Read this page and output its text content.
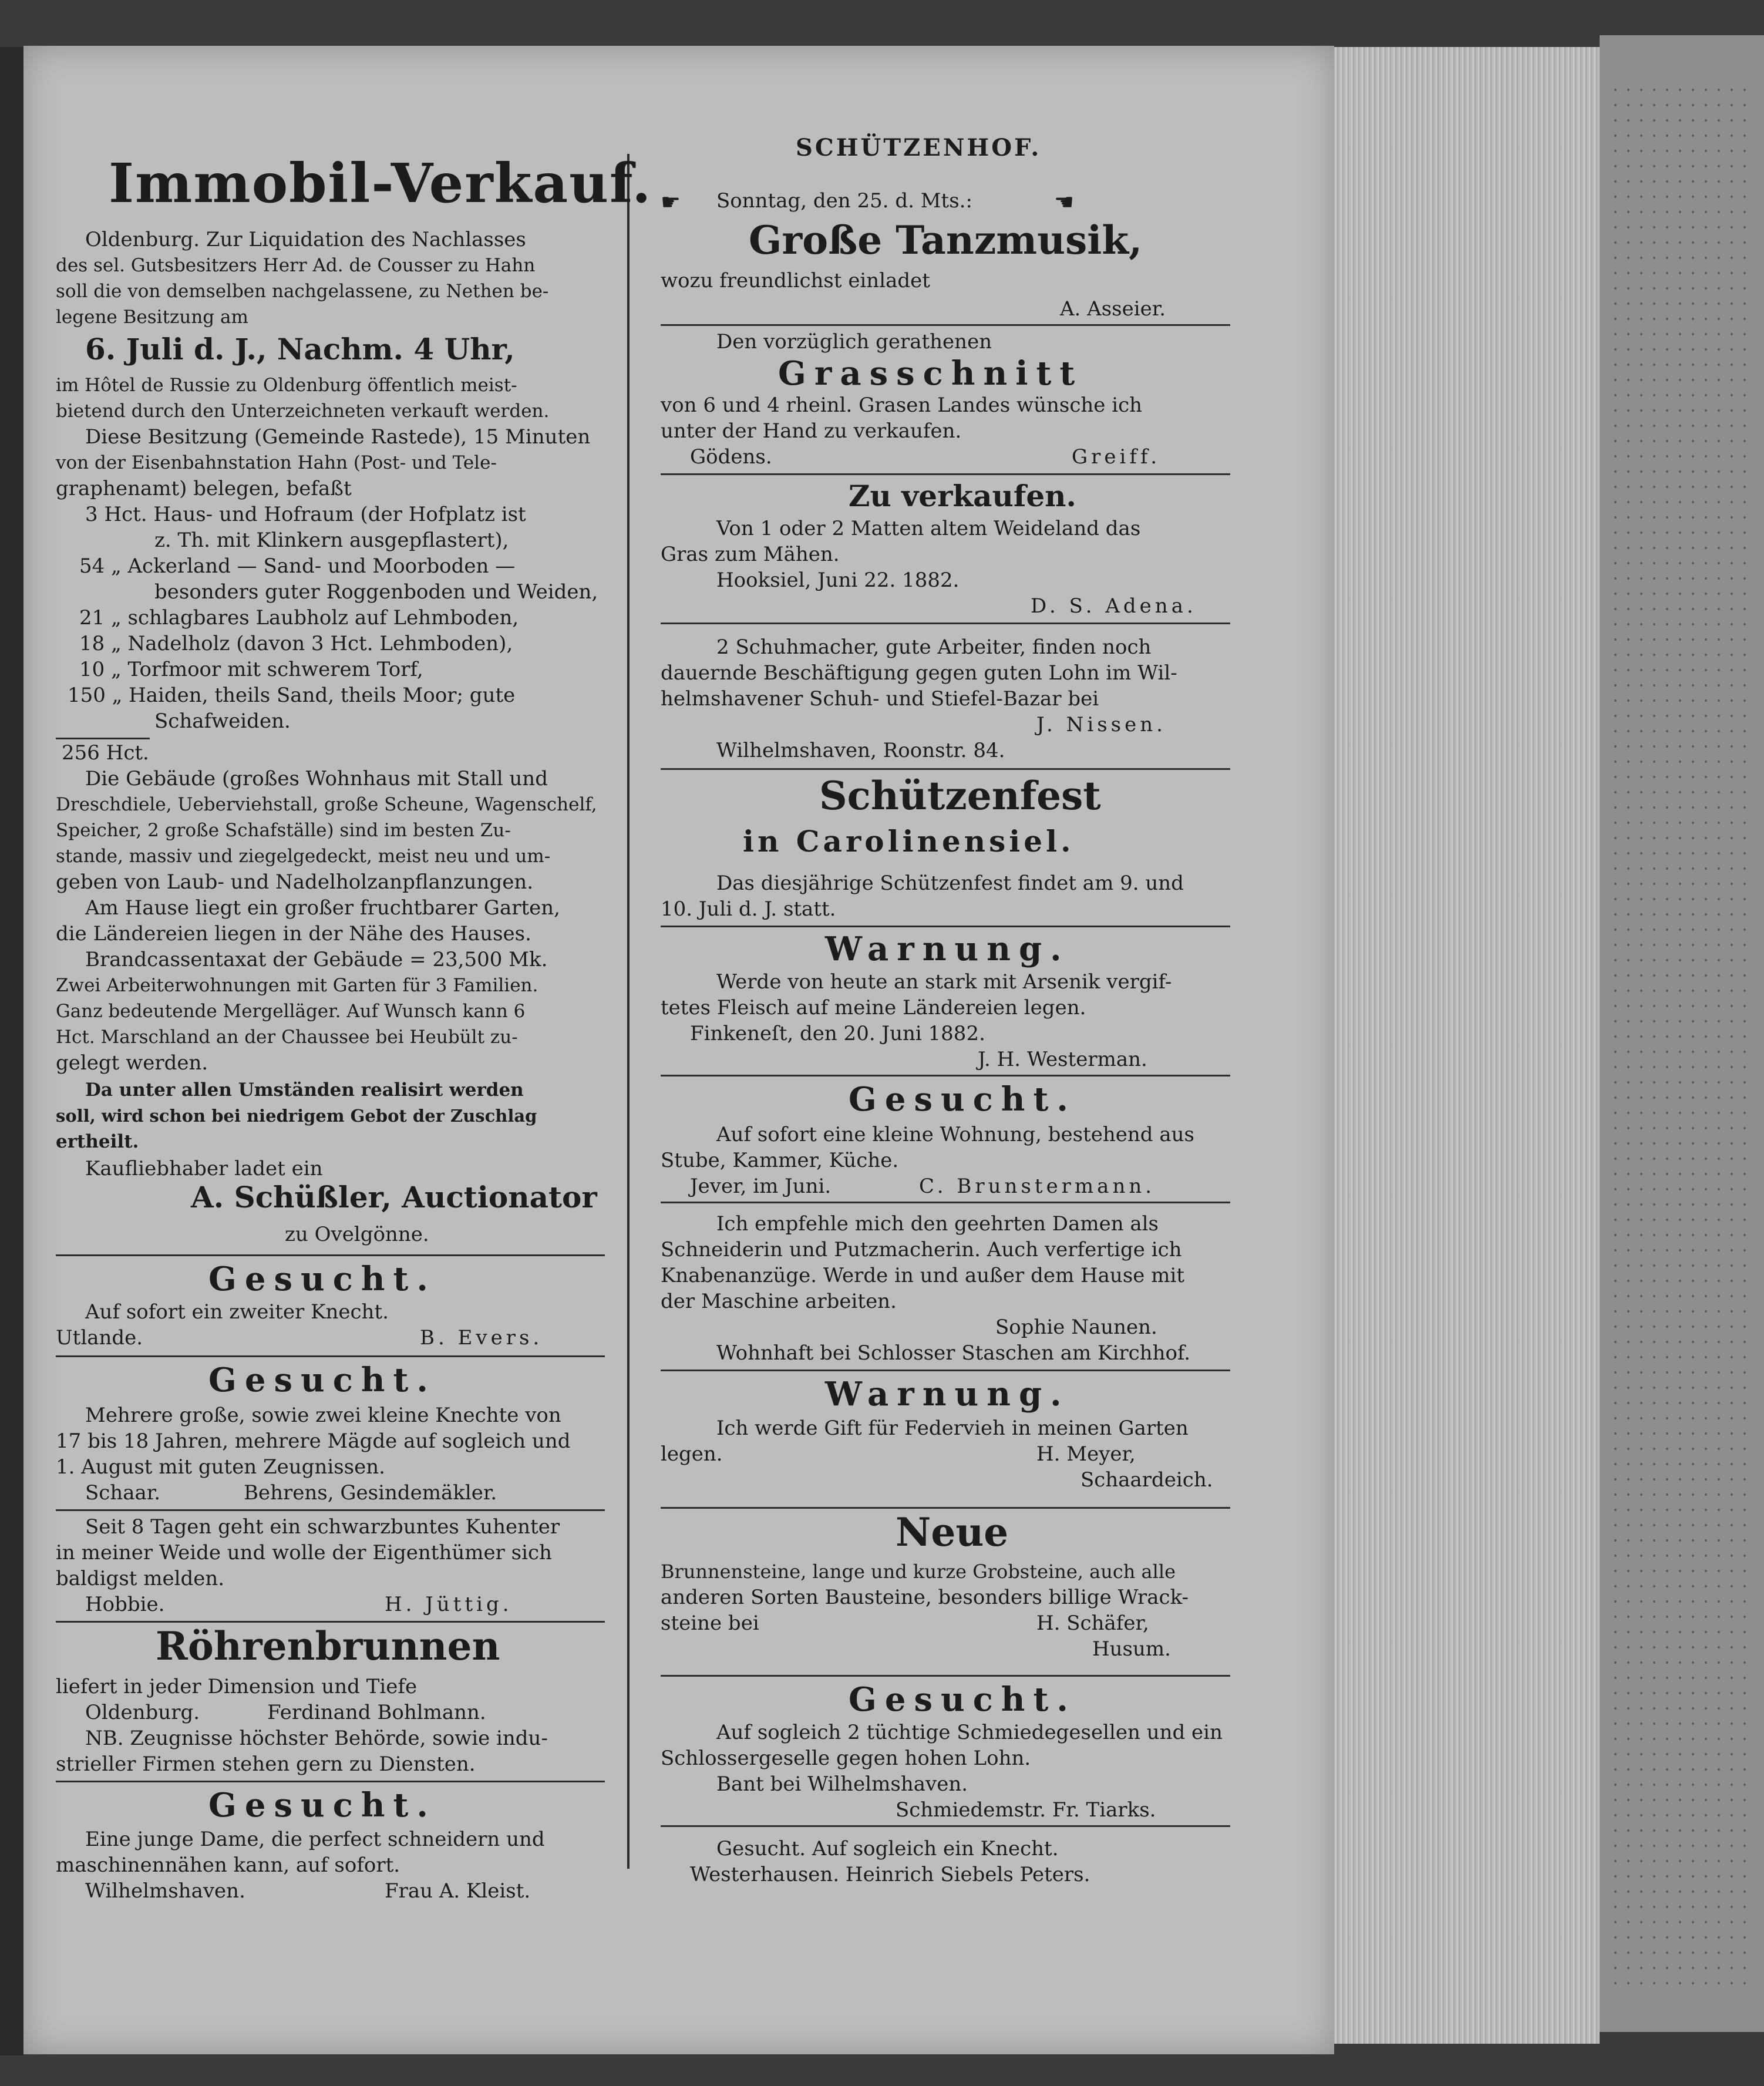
Immobil-Verkauf.
Oldenburg. Zur Liquidation des Nachlasses
des sel. Gutsbesitzers Herr Ad. de Cousser zu Hahn
soll die von demselben nachgelassene, zu Nethen be-
legene Besitzung am
6. Juli d. J., Nachm. 4 Uhr,
im Hôtel de Russie zu Oldenburg öffentlich meist-
bietend durch den Unterzeichneten verkauft werden.
Diese Besitzung (Gemeinde Rastede), 15 Minuten
von der Eisenbahnstation Hahn (Post- und Tele-
graphenamt) belegen, befaßt
3 Hct. Haus- und Hofraum (der Hofplatz ist
z. Th. mit Klinkern ausgepflastert),
54 „ Ackerland — Sand- und Moorboden —
besonders guter Roggenboden und Weiden,
21 „ schlagbares Laubholz auf Lehmboden,
18 „ Nadelholz (davon 3 Hct. Lehmboden),
10 „ Torfmoor mit schwerem Torf,
150 „ Haiden, theils Sand, theils Moor; gute
Schafweiden.
256 Hct.
Die Gebäude (großes Wohnhaus mit Stall und
Dreschdiele, Ueberviehstall, große Scheune, Wagenschelf,
Speicher, 2 große Schafställe) sind im besten Zu-
stande, massiv und ziegelgedeckt, meist neu und um-
geben von Laub- und Nadelholzanpflanzungen.
Am Hause liegt ein großer fruchtbarer Garten,
die Ländereien liegen in der Nähe des Hauses.
Brandcassentaxat der Gebäude = 23,500 Mk.
Zwei Arbeiterwohnungen mit Garten für 3 Familien.
Ganz bedeutende Mergelläger. Auf Wunsch kann 6
Hct. Marschland an der Chaussee bei Heubült zu-
gelegt werden.
Da unter allen Umständen realisirt werden
soll, wird schon bei niedrigem Gebot der Zuschlag
ertheilt.
Kaufliebhaber ladet ein
A. Schüßler, Auctionator
zu Ovelgönne.
Gesucht.
Auf sofort ein zweiter Knecht.
Utlande.	B. Evers.
Gesucht.
Mehrere große, sowie zwei kleine Knechte von
17 bis 18 Jahren, mehrere Mägde auf sogleich und
1. August mit guten Zeugnissen.
Schaar.	Behrens, Gesindemäkler.
Seit 8 Tagen geht ein schwarzbuntes Kuhenter
in meiner Weide und wolle der Eigenthümer sich
baldigst melden.
Hobbie.	H. Jüttig.
Röhrenbrunnen
liefert in jeder Dimension und Tiefe
Oldenburg.	Ferdinand Bohlmann.
NB. Zeugnisse höchster Behörde, sowie indu-
strieller Firmen stehen gern zu Diensten.
Gesucht.
Eine junge Dame, die perfect schneidern und
maschinennähen kann, auf sofort.
Wilhelmshaven.	Frau A. Kleist.
SCHÜTZENHOF.
☛ Sonntag, den 25. d. Mts.:	☚
Große Tanzmusik,
wozu freundlichst einladet
A. Asseier.
Den vorzüglich gerathenen
Grasschnitt
von 6 und 4 rheinl. Grasen Landes wünsche ich
unter der Hand zu verkaufen.
Gödens.	Greiff.
Zu verkaufen.
Von 1 oder 2 Matten altem Weideland das
Gras zum Mähen.
Hooksiel, Juni 22. 1882.
D. S. Adena.
2 Schuhmacher, gute Arbeiter, finden noch
dauernde Beschäftigung gegen guten Lohn im Wil-
helmshavener Schuh- und Stiefel-Bazar bei
J. Nissen.
Wilhelmshaven, Roonstr. 84.
Schützenfest
in Carolinensiel.
Das diesjährige Schützenfest findet am 9. und
10. Juli d. J. statt.
Warnung.
Werde von heute an stark mit Arsenik vergif-
tetes Fleisch auf meine Ländereien legen.
Finkeneſt, den 20. Juni 1882.
J. H. Westerman.
Gesucht.
Auf sofort eine kleine Wohnung, bestehend aus
Stube, Kammer, Küche.
Jever, im Juni.	C. Brunstermann.
Ich empfehle mich den geehrten Damen als
Schneiderin und Putzmacherin. Auch verfertige ich
Knabenanzüge. Werde in und außer dem Hause mit
der Maschine arbeiten.
Sophie Naunen.
Wohnhaft bei Schlosser Staschen am Kirchhof.
Warnung.
Ich werde Gift für Federvieh in meinen Garten
legen.	H. Meyer,
Schaardeich.
Neue
Brunnensteine, lange und kurze Grobsteine, auch alle
anderen Sorten Bausteine, besonders billige Wrack-
steine bei	H. Schäfer,
Husum.
Gesucht.
Auf sogleich 2 tüchtige Schmiedegesellen und ein
Schlossergeselle gegen hohen Lohn.
Bant bei Wilhelmshaven.
Schmiedemstr. Fr. Tiarks.
Gesucht. Auf sogleich ein Knecht.
Westerhausen. Heinrich Siebels Peters.
